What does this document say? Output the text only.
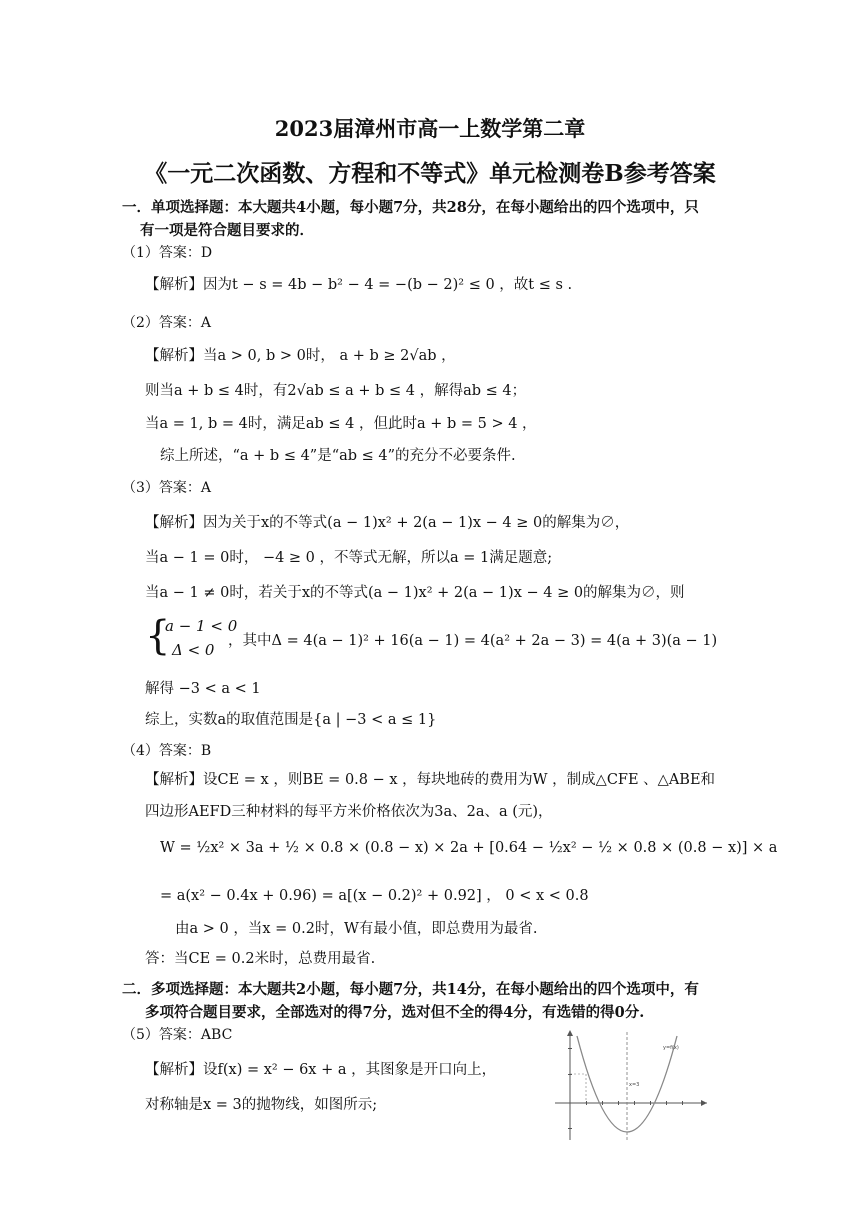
2023届漳州市高一上数学第二章
《一元二次函数、方程和不等式》单元检测卷B参考答案
一．单项选择题：本大题共4小题，每小题7分，共28分，在每小题给出的四个选项中，只
有一项是符合题目要求的．
（1）答案：D
【解析】因为t − s = 4b − b² − 4 = −(b − 2)² ≤ 0 ，故t ≤ s .
（2）答案：A
【解析】当a > 0, b > 0时， a + b ≥ 2√ab ，
则当a + b ≤ 4时，有2√ab ≤ a + b ≤ 4 ，解得ab ≤ 4；
当a = 1, b = 4时，满足ab ≤ 4 ，但此时a + b = 5 > 4 ，
综上所述，“a + b ≤ 4”是“ab ≤ 4”的充分不必要条件.
（3）答案：A
【解析】因为关于x的不等式(a − 1)x² + 2(a − 1)x − 4 ≥ 0的解集为∅，
当a − 1 = 0时， −4 ≥ 0 ，不等式无解，所以a = 1满足题意;
当a − 1 ≠ 0时，若关于x的不等式(a − 1)x² + 2(a − 1)x − 4 ≥ 0的解集为∅，则
{
a − 1 < 0
Δ < 0 ，其中Δ = 4(a − 1)² + 16(a − 1) = 4(a² + 2a − 3) = 4(a + 3)(a − 1)
解得 −3 < a < 1
综上，实数a的取值范围是{a | −3 < a ≤ 1}
（4）答案：B
【解析】设CE = x ，则BE = 0.8 − x ，每块地砖的费用为W ，制成△CFE 、△ABE和
四边形AEFD三种材料的每平方米价格依次为3a、2a、a (元)，
W = ½x² × 3a + ½ × 0.8 × (0.8 − x) × 2a + [0.64 − ½x² − ½ × 0.8 × (0.8 − x)] × a
= a(x² − 0.4x + 0.96) = a[(x − 0.2)² + 0.92] ， 0 < x < 0.8
由a > 0 ，当x = 0.2时，W有最小值，即总费用为最省.
答：当CE = 0.2米时，总费用最省.
二．多项选择题：本大题共2小题，每小题7分，共14分，在每小题给出的四个选项中，有
多项符合题目要求，全部选对的得7分，选对但不全的得4分，有选错的得0分.
（5）答案：ABC
【解析】设f(x) = x² − 6x + a ，其图象是开口向上，
对称轴是x = 3的抛物线，如图所示;
y=f(x)
x=3
